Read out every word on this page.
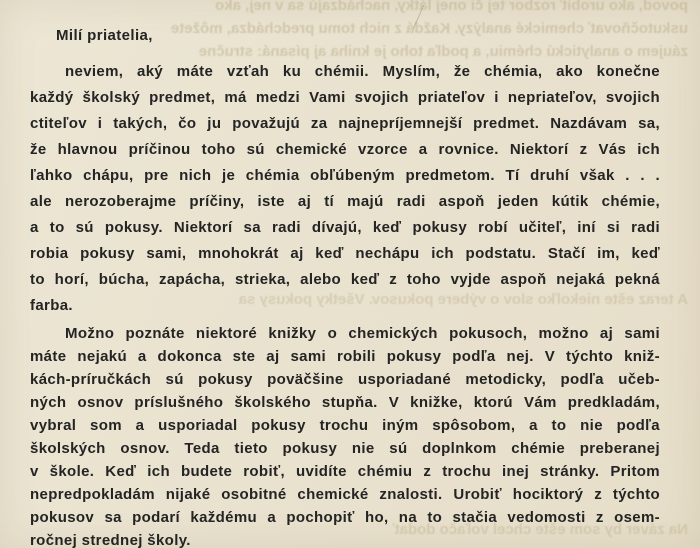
povod, ako urobiť rozbor tej či onej látky, nachádzajú sa v nej, ako
uskutočňovať chemické analýzy. Každá z nich tomu predchádza, môžete
záujem o analytickú chémiu, a podľa toho je kniha aj písaná: stručne
A teraz ešte niekoľko slov o výbere pokusov. Všetky pokusy sa
Na záver by som ešte chcel voľačo dodať
Milí priatelia,
neviem, aký máte vzťah ku chémii. Myslím, že chémia, ako konečne
každý školský predmet, má medzi Vami svojich priateľov i nepriateľov, svojich
ctiteľov i takých, čo ju považujú za najnepríjemnejší predmet. Nazdávam sa,
že hlavnou príčinou toho sú chemické vzorce a rovnice. Niektorí z Vás ich
ľahko chápu, pre nich je chémia obľúbeným predmetom. Tí druhí však . . .
ale nerozoberajme príčiny, iste aj tí majú radi aspoň jeden kútik chémie,
a to sú pokusy. Niektorí sa radi dívajú, keď pokusy robí učiteľ, iní si radi
robia pokusy sami, mnohokrát aj keď nechápu ich podstatu. Stačí im, keď
to horí, búcha, zapácha, strieka, alebo keď z toho vyjde aspoň nejaká pekná
farba.
Možno poznáte niektoré knižky o chemických pokusoch, možno aj sami
máte nejakú a dokonca ste aj sami robili pokusy podľa nej. V týchto kniž-
kách-príručkách sú pokusy poväčšine usporiadané metodicky, podľa učeb-
ných osnov príslušného školského stupňa. V knižke, ktorú Vám predkladám,
vybral som a usporiadal pokusy trochu iným spôsobom, a to nie podľa
školských osnov. Teda tieto pokusy nie sú doplnkom chémie preberanej
v škole. Keď ich budete robiť, uvidíte chémiu z trochu inej stránky. Pritom
nepredpokladám nijaké osobitné chemické znalosti. Urobiť hociktorý z týchto
pokusov sa podarí každému a pochopiť ho, na to stačia vedomosti z osem-
ročnej strednej školy.
